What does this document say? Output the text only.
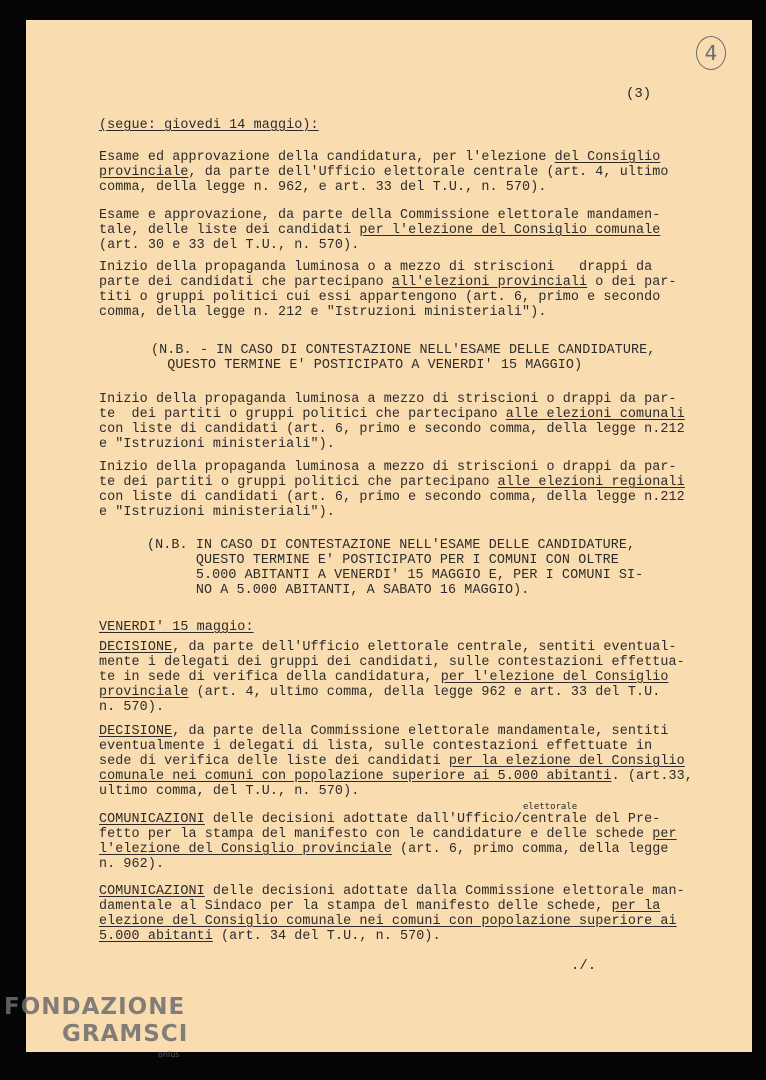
4
(3)
(segue: giovedi 14 maggio):
Esame ed approvazione della candidatura, per l'elezione del Consiglio
provinciale, da parte dell'Ufficio elettorale centrale (art. 4, ultimo
comma, della legge n. 962, e art. 33 del T.U., n. 570).
Esame e approvazione, da parte della Commissione elettorale mandamen-
tale, delle liste dei candidati per l'elezione del Consiglio comunale
(art. 30 e 33 del T.U., n. 570).
Inizio della propaganda luminosa o a mezzo di striscioni   drappi da
parte dei candidati che partecipano all'elezioni provinciali o dei par-
titi o gruppi politici cui essi appartengono (art. 6, primo e secondo
comma, della legge n. 212 e "Istruzioni ministeriali").
(N.B. - IN CASO DI CONTESTAZIONE NELL'ESAME DELLE CANDIDATURE,
QUESTO TERMINE E' POSTICIPATO A VENERDI' 15 MAGGIO)
Inizio della propaganda luminosa a mezzo di striscioni o drappi da par-
te  dei partiti o gruppi politici che partecipano alle elezioni comunali
con liste di candidati (art. 6, primo e secondo comma, della legge n.212
e "Istruzioni ministeriali").
Inizio della propaganda luminosa a mezzo di striscioni o drappi da par-
te dei partiti o gruppi politici che partecipano alle elezioni regionali
con liste di candidati (art. 6, primo e secondo comma, della legge n.212
e "Istruzioni ministeriali").
(N.B. IN CASO DI CONTESTAZIONE NELL'ESAME DELLE CANDIDATURE,
QUESTO TERMINE E' POSTICIPATO PER I COMUNI CON OLTRE
5.000 ABITANTI A VENERDI' 15 MAGGIO E, PER I COMUNI SI-
NO A 5.000 ABITANTI, A SABATO 16 MAGGIO).
VENERDI' 15 maggio:
DECISIONE, da parte dell'Ufficio elettorale centrale, sentiti eventual-
mente i delegati dei gruppi dei candidati, sulle contestazioni effettua-
te in sede di verifica della candidatura, per l'elezione del Consiglio
provinciale (art. 4, ultimo comma, della legge 962 e art. 33 del T.U.
n. 570).
DECISIONE, da parte della Commissione elettorale mandamentale, sentiti
eventualmente i delegati di lista, sulle contestazioni effettuate in
sede di verifica delle liste dei candidati per la elezione del Consiglio
comunale nei comuni con popolazione superiore ai 5.000 abitanti. (art.33,
ultimo comma, del T.U., n. 570).
elettorale
COMUNICAZIONI delle decisioni adottate dall'Ufficio/centrale del Pre-
fetto per la stampa del manifesto con le candidature e delle schede per
l'elezione del Consiglio provinciale (art. 6, primo comma, della legge
n. 962).
COMUNICAZIONI delle decisioni adottate dalla Commissione elettorale man-
damentale al Sindaco per la stampa del manifesto delle schede, per la
elezione del Consiglio comunale nei comuni con popolazione superiore ai
5.000 abitanti (art. 34 del T.U., n. 570).
./.
FONDAZIONE
GRAMSCI
onlus
